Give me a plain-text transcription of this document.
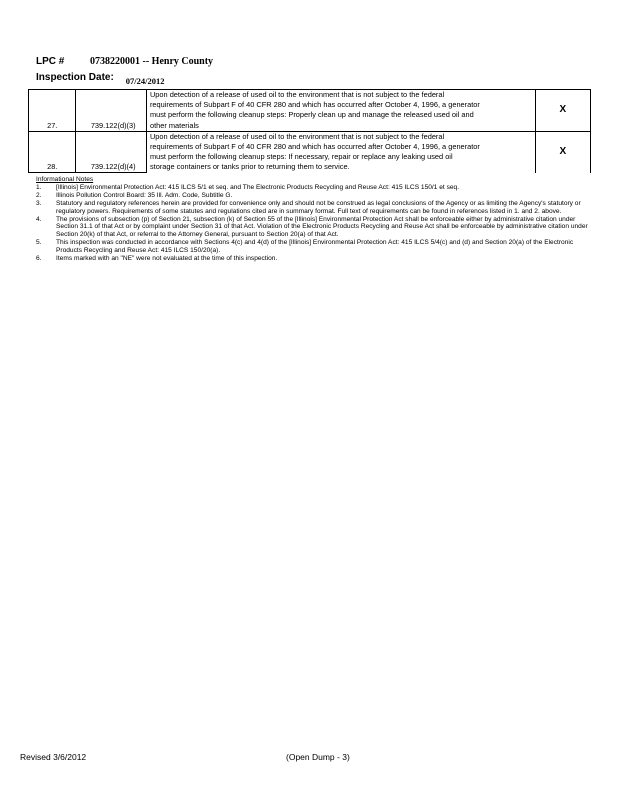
LPC #	0738220001 -- Henry County
Inspection Date: $_{07/24/2012}$
27.	739.122(d)(3)	Upon detection of a release of used oil to the environment that is not subject to the federal
requirements of Subpart F of 40 CFR 280 and which has occurred after October 4, 1996, a generator
must perform the following cleanup steps: Properly clean up and manage the released used oil and
other materials	X
28.	739.122(d)(4)	Upon detection of a release of used oil to the environment that is not subject to the federal
requirements of Subpart F of 40 CFR 280 and which has occurred after October 4, 1996, a generator
must perform the following cleanup steps: If necessary, repair or replace any leaking used oil
storage containers or tanks prior to returning them to service.	X
Informational Notes
1.	[Illinois] Environmental Protection Act: 415 ILCS 5/1 et seq. and The Electronic Products Recycling and Reuse Act: 415 ILCS 150/1 et seq.
2.	Illinois Pollution Control Board: 35 Ill. Adm. Code, Subtitle G.
3.	Statutory and regulatory references herein are provided for convenience only and should not be construed as legal conclusions of the Agency or as limiting the Agency's statutory or regulatory powers. Requirements of some statutes and regulations cited are in summary format. Full text of requirements can be found in references listed in 1. and 2. above.
4.	The provisions of subsection (p) of Section 21, subsection (k) of Section 55 of the [Illinois] Environmental Protection Act shall be enforceable either by administrative citation under Section 31.1 of that Act or by complaint under Section 31 of that Act. Violation of the Electronic Products Recycling and Reuse Act shall be enforceable by administrative citation under Section 20(k) of that Act, or referral to the Attorney General, pursuant to Section 20(a) of that Act.
5.	This inspection was conducted in accordance with Sections 4(c) and 4(d) of the [Illinois] Environmental Protection Act: 415 ILCS 5/4(c) and (d) and Section 20(a) of the Electronic Products Recycling and Reuse Act: 415 ILCS 150/20(a).
6.	Items marked with an "NE" were not evaluated at the time of this inspection.
Revised 3/6/2012	(Open Dump - 3)
